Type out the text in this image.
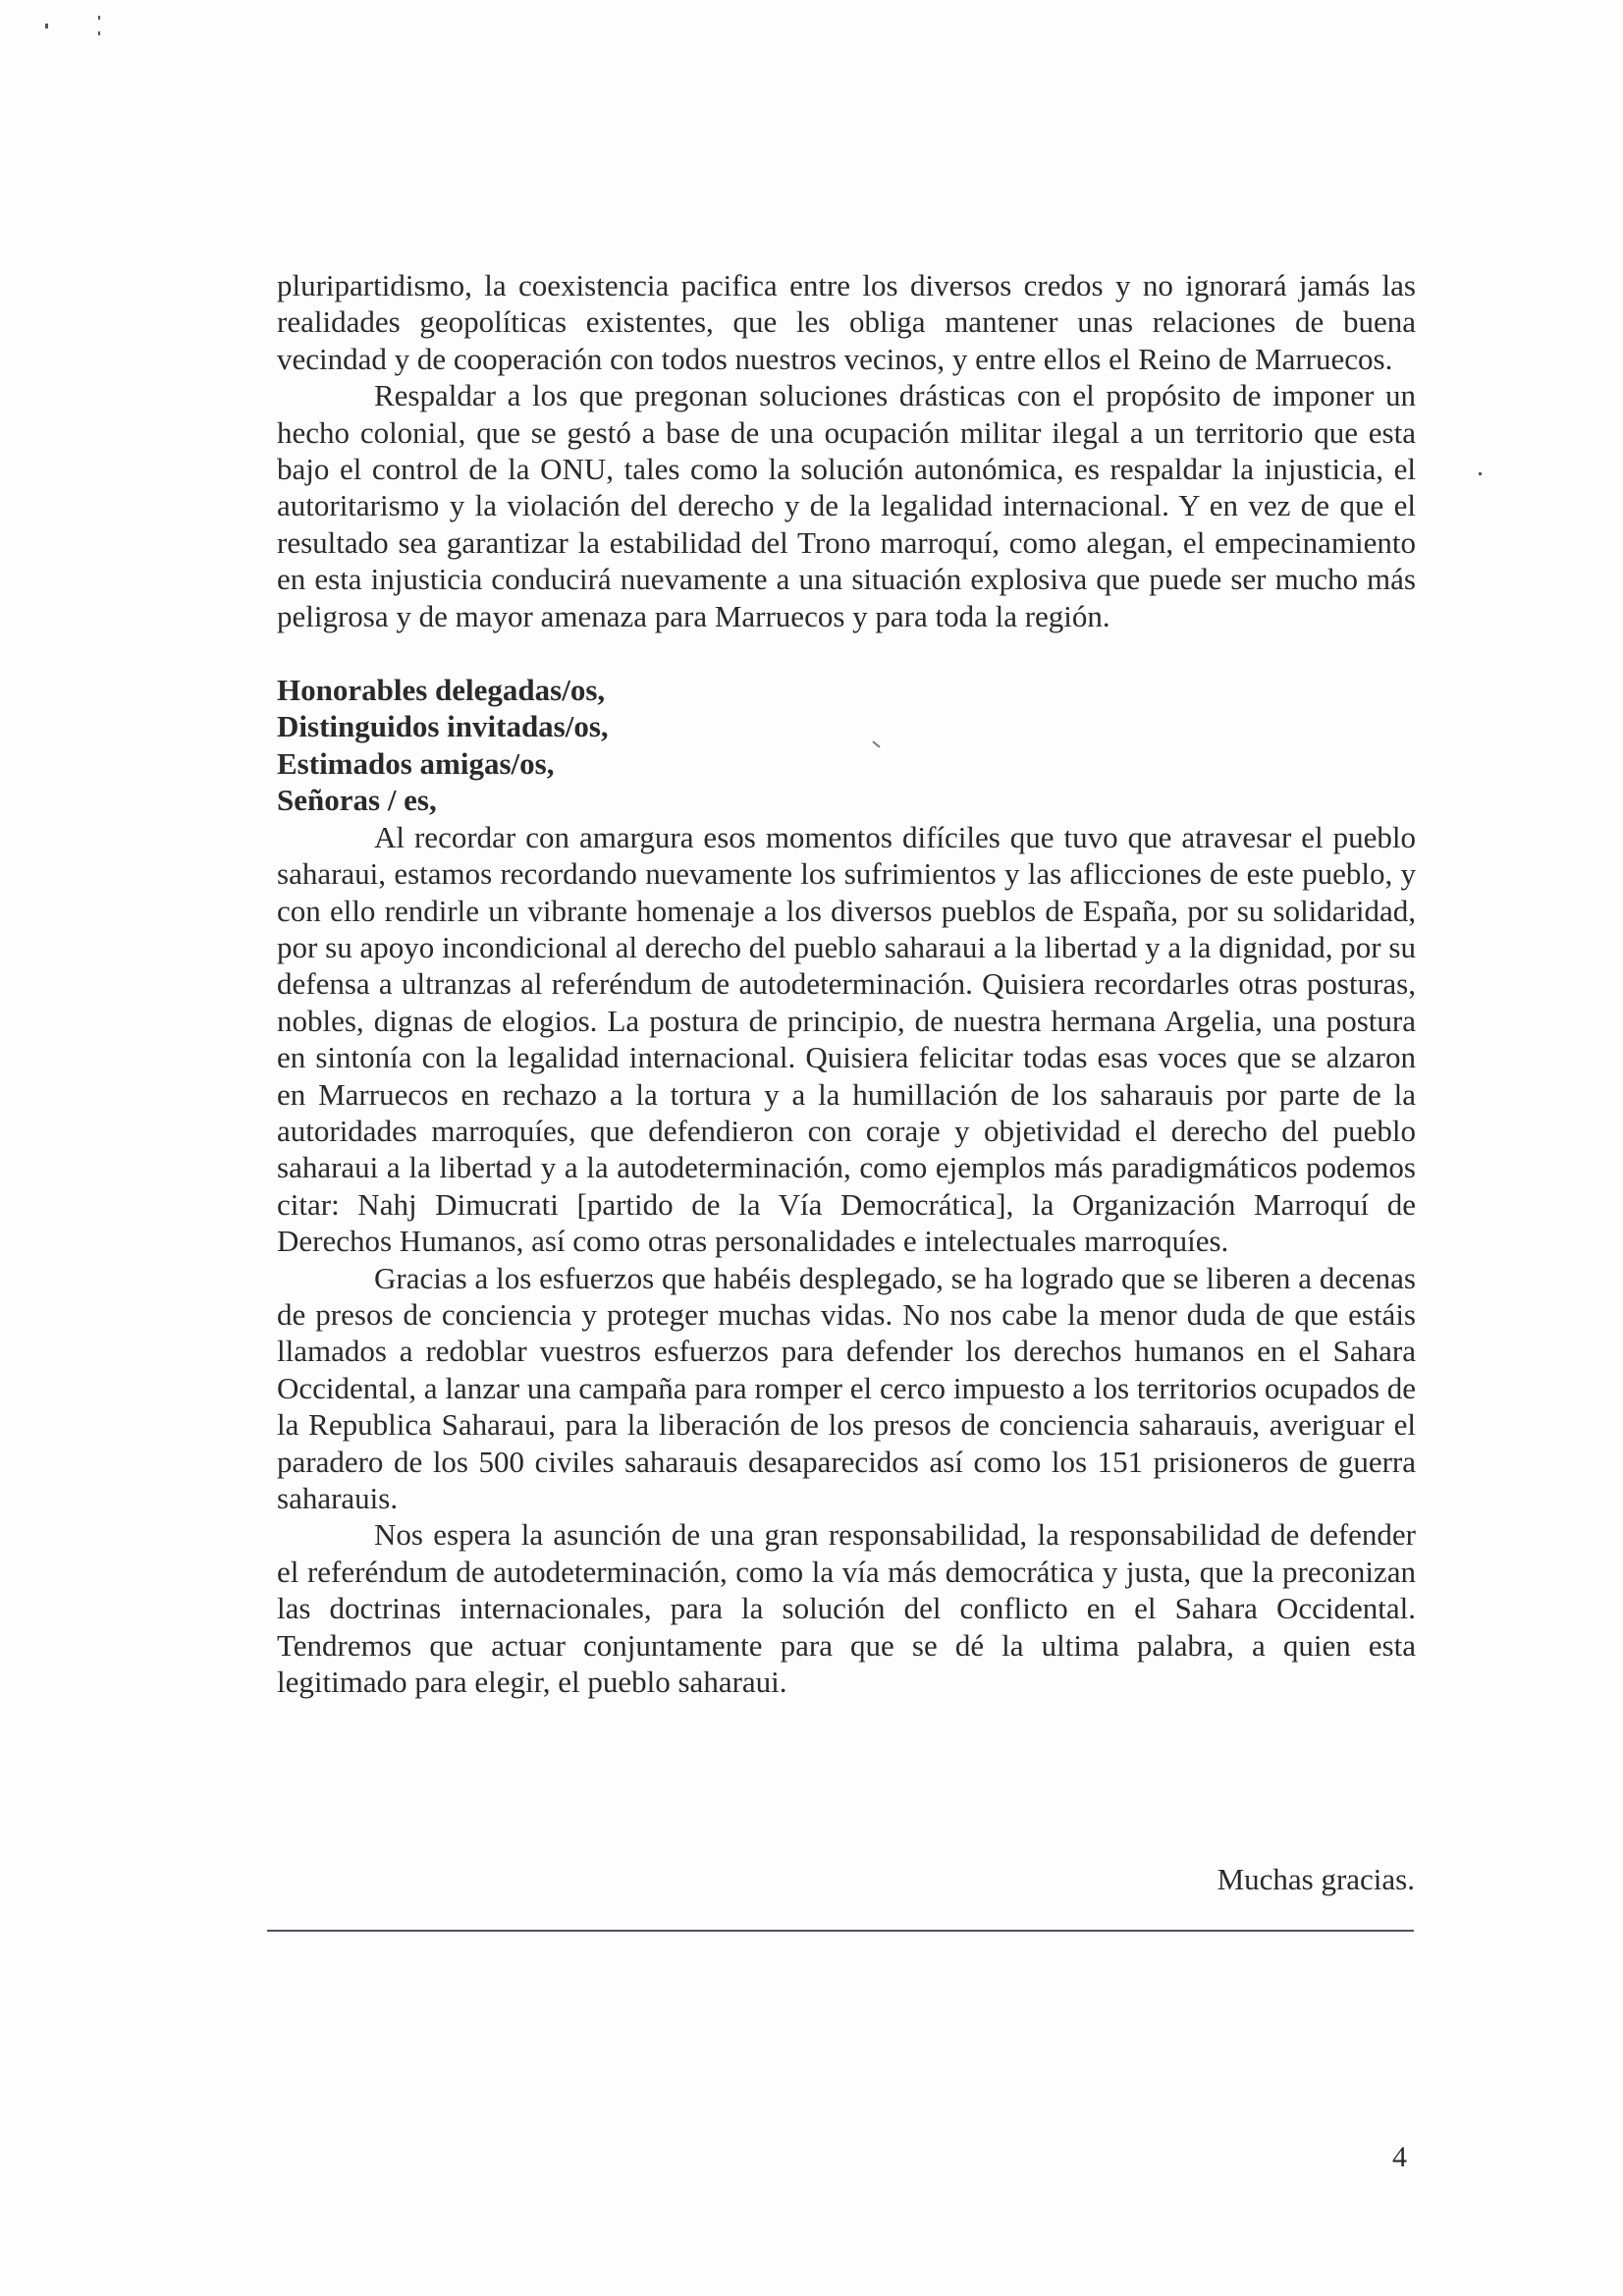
pluripartidismo, la coexistencia pacifica entre los diversos credos y no ignorará jamás las realidades geopolíticas existentes, que les obliga mantener unas relaciones de buena vecindad y de cooperación con todos nuestros vecinos, y entre ellos el Reino de Marruecos.

Respaldar a los que pregonan soluciones drásticas con el propósito de imponer un hecho colonial, que se gestó a base de una ocupación militar ilegal a un territorio que esta bajo el control de la ONU, tales como la solución autonómica, es respaldar la injusticia, el autoritarismo y la violación del derecho y de la legalidad internacional. Y en vez de que el resultado sea garantizar la estabilidad del Trono marroquí, como alegan, el empecinamiento en esta injusticia conducirá nuevamente a una situación explosiva que puede ser mucho más peligrosa y de mayor amenaza para Marruecos y para toda la región.

Honorables delegadas/os,

Distinguidos invitadas/os,

Estimados amigas/os,

Señoras / es,

Al recordar con amargura esos momentos difíciles que tuvo que atravesar el pueblo saharaui, estamos recordando nuevamente los sufrimientos y las aflicciones de este pueblo, y con ello rendirle un vibrante homenaje a los diversos pueblos de España, por su solidaridad, por su apoyo incondicional al derecho del pueblo saharaui a la libertad y a la dignidad, por su defensa a ultranzas al referéndum de autodeterminación. Quisiera recordarles otras posturas, nobles, dignas de elogios. La postura de principio, de nuestra hermana Argelia, una postura en sintonía con la legalidad internacional. Quisiera felicitar todas esas voces que se alzaron en Marruecos en rechazo a la tortura y a la humillación de los saharauis por parte de la autoridades marroquíes, que defendieron con coraje y objetividad el derecho del pueblo saharaui a la libertad y a la autodeterminación, como ejemplos más paradigmáticos podemos citar: Nahj Dimucrati [partido de la Vía Democrática], la Organización Marroquí de Derechos Humanos, así como otras personalidades e intelectuales marroquíes.

Gracias a los esfuerzos que habéis desplegado, se ha logrado que se liberen a decenas de presos de conciencia y proteger muchas vidas. No nos cabe la menor duda de que estáis llamados a redoblar vuestros esfuerzos para defender los derechos humanos en el Sahara Occidental, a lanzar una campaña para romper el cerco impuesto a los territorios ocupados de la Republica Saharaui, para la liberación de los presos de conciencia saharauis, averiguar el paradero de los 500 civiles saharauis desaparecidos así como los 151 prisioneros de guerra saharauis.

Nos espera la asunción de una gran responsabilidad, la responsabilidad de defender el referéndum de autodeterminación, como la vía más democrática y justa, que la preconizan las doctrinas internacionales, para la solución del conflicto en el Sahara Occidental. Tendremos que actuar conjuntamente para que se dé la ultima palabra, a quien esta legitimado para elegir, el pueblo saharaui.

Muchas gracias.

4
